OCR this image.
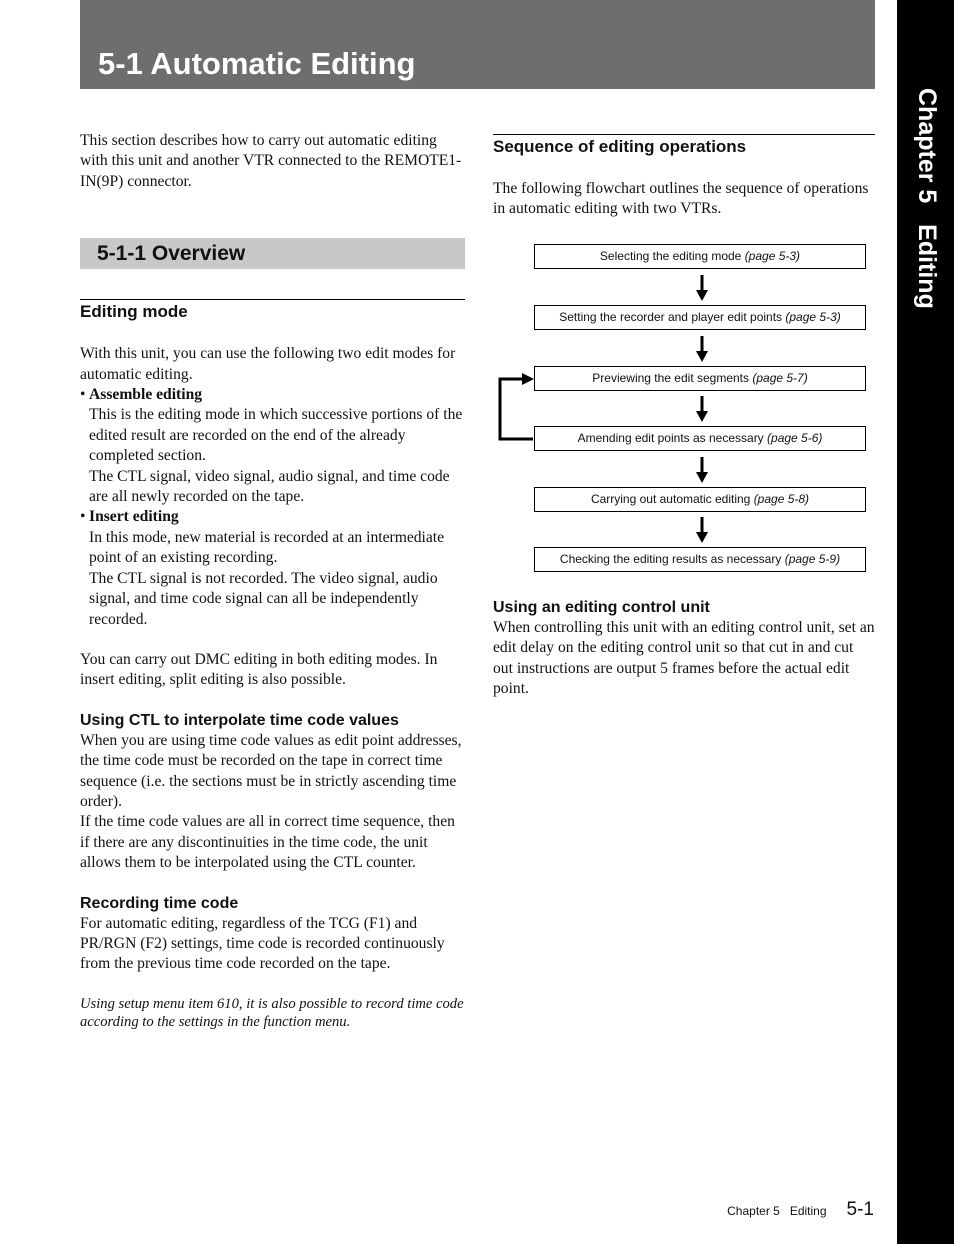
5-1 Automatic Editing
Chapter 5   Editing

This section describes how to carry out automatic editing with this unit and another VTR connected to the REMOTE1-IN(9P) connector.

5-1-1 Overview
Editing mode

With this unit, you can use the following two edit modes for automatic editing.

• Assemble editing

This is the editing mode in which successive portions of the edited result are recorded on the end of the already completed section.

The CTL signal, video signal, audio signal, and time code are all newly recorded on the tape.

• Insert editing

In this mode, new material is recorded at an intermediate point of an existing recording.

The CTL signal is not recorded. The video signal, audio signal, and time code signal can all be independently recorded.

You can carry out DMC editing in both editing modes. In insert editing, split editing is also possible.

Using CTL to interpolate time code values

When you are using time code values as edit point addresses, the time code must be recorded on the tape in correct time sequence (i.e. the sections must be in strictly ascending time order).

If the time code values are all in correct time sequence, then if there are any discontinuities in the time code, the unit allows them to be interpolated using the CTL counter.

Recording time code

For automatic editing, regardless of the TCG (F1) and PR/RGN (F2) settings, time code is recorded continuously from the previous time code recorded on the tape.

Using setup menu item 610, it is also possible to record time code according to the settings in the function menu.

Sequence of editing operations

The following flowchart outlines the sequence of operations in automatic editing with two VTRs.

Selecting the editing mode (page 5-3)
Setting the recorder and player edit points (page 5-3)
Previewing the edit segments (page 5-7)
Amending edit points as necessary (page 5-6)
Carrying out automatic editing (page 5-8)
Checking the editing results as necessary (page 5-9)
Using an editing control unit

When controlling this unit with an editing control unit, set an edit delay on the editing control unit so that cut in and cut out instructions are output 5 frames before the actual edit point.

Chapter 5   Editing 5-1
